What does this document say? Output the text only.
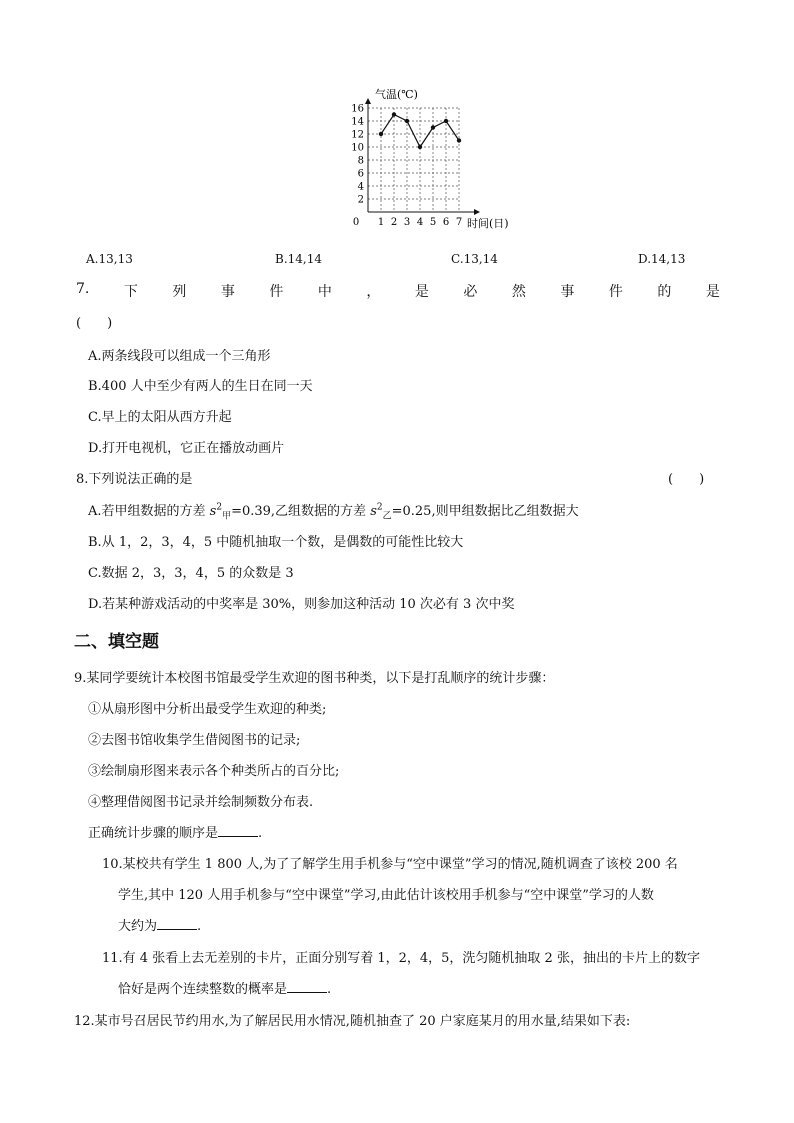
0 1 2 3 4 5 6 7
2
4
6
8
10
12
14
16
气温(℃)
时间(日)
A.13,13	B.14,14	C.13,14	D.14,13
7. 下 列 事 件 中 ， 是 必 然 事 件 的 是
(　　)
A.两条线段可以组成一个三角形
B.400 人中至少有两人的生日在同一天
C.早上的太阳从西方升起
D.打开电视机，它正在播放动画片
8.下列说法正确的是	(　　)
A.若甲组数据的方差 $s^2_甲=0.39$,乙组数据的方差 $s^2_乙=0.25$,则甲组数据比乙组数据大
B.从 1，2，3，4，5 中随机抽取一个数，是偶数的可能性比较大
C.数据 2，3，3，4，5 的众数是 3
D.若某种游戏活动的中奖率是 30%，则参加这种活动 10 次必有 3 次中奖
二、填空题
9.某同学要统计本校图书馆最受学生欢迎的图书种类，以下是打乱顺序的统计步骤：
①从扇形图中分析出最受学生欢迎的种类;
②去图书馆收集学生借阅图书的记录;
③绘制扇形图来表示各个种类所占的百分比;
④整理借阅图书记录并绘制频数分布表.
正确统计步骤的顺序是	.
10.某校共有学生 1 800 人,为了了解学生用手机参与“空中课堂”学习的情况,随机调查了该校 200 名
学生,其中 120 人用手机参与“空中课堂”学习,由此估计该校用手机参与“空中课堂”学习的人数
大约为	.
11.有 4 张看上去无差别的卡片，正面分别写着 1，2，4，5，洗匀随机抽取 2 张，抽出的卡片上的数字
恰好是两个连续整数的概率是	.
12.某市号召居民节约用水,为了解居民用水情况,随机抽查了 20 户家庭某月的用水量,结果如下表:
